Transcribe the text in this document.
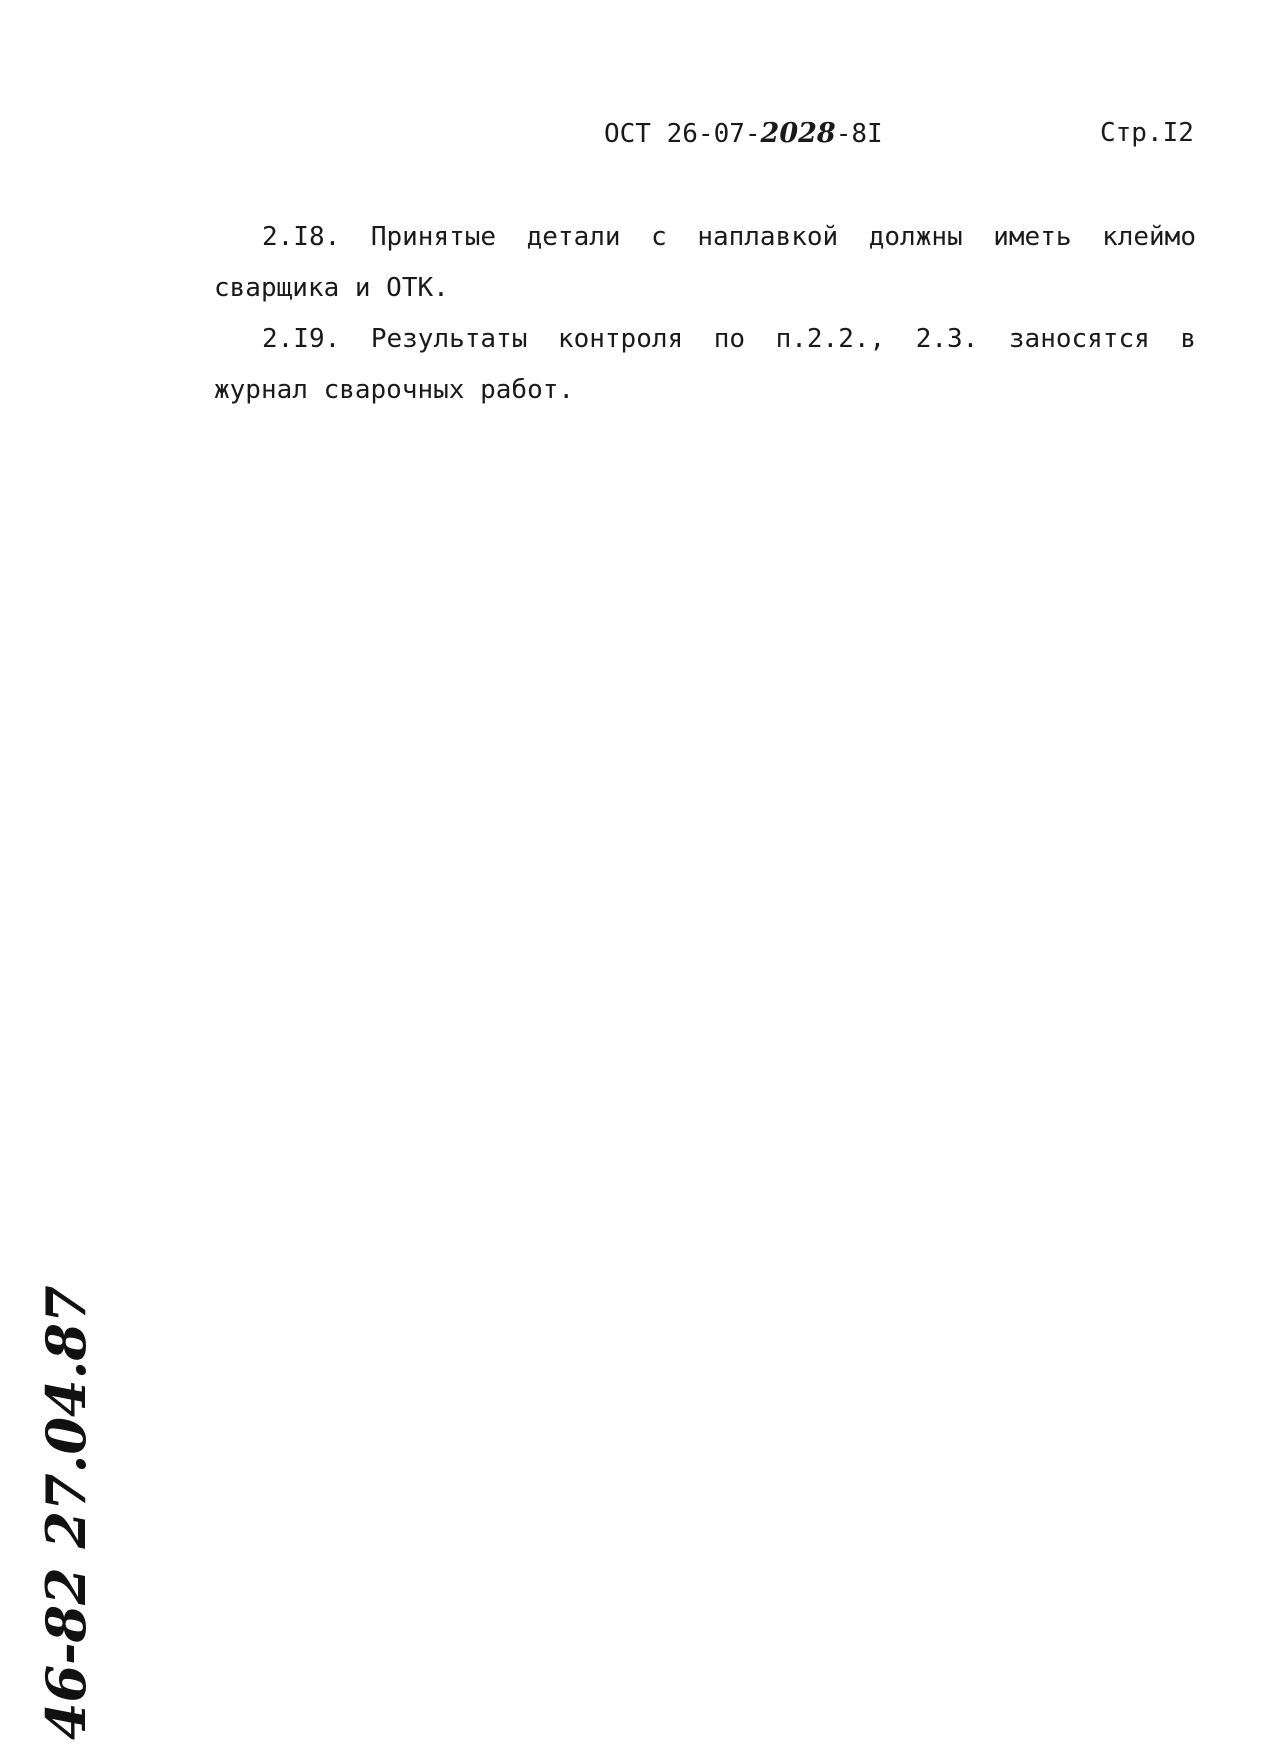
ОСТ 26-07-2028-8I	Стр.I2

2.I8. Принятые детали с наплавкой должны иметь клеймо сварщика и ОТК.

2.I9. Результаты контроля по п.2.2., 2.3. заносятся в журнал сварочных работ.

46-82 27.04.87
